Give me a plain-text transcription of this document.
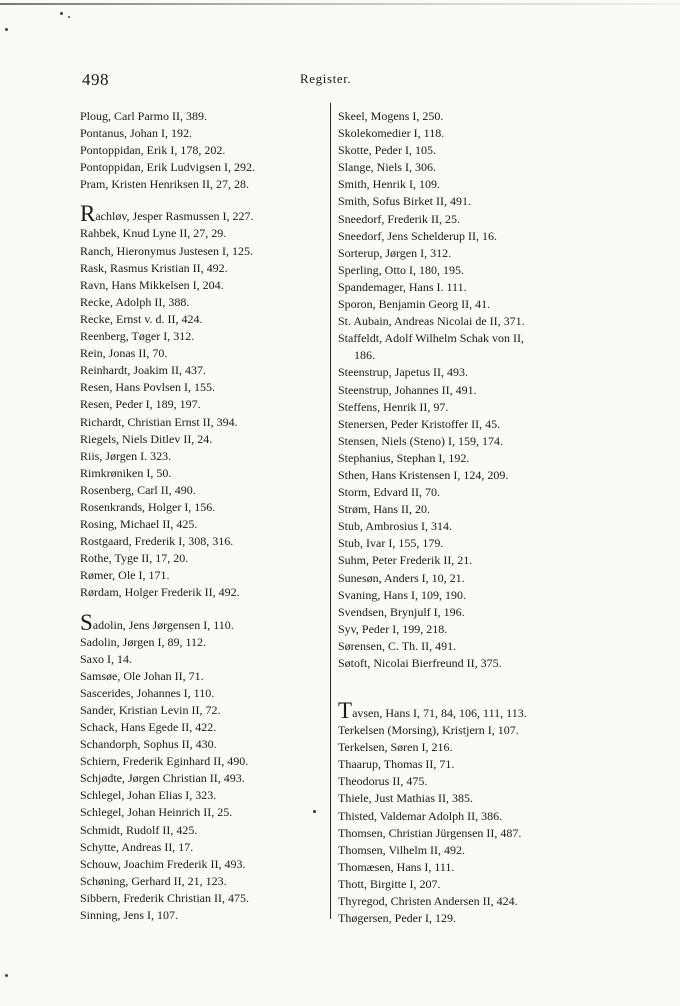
498	Register.
Ploug, Carl Parmo II, 389.
Pontanus, Johan I, 192.
Pontoppidan, Erik I, 178, 202.
Pontoppidan, Erik Ludvigsen I, 292.
Pram, Kristen Henriksen II, 27, 28.
Rachløv, Jesper Rasmussen I, 227.
Rahbek, Knud Lyne II, 27, 29.
Ranch, Hieronymus Justesen I, 125.
Rask, Rasmus Kristian II, 492.
Ravn, Hans Mikkelsen I, 204.
Recke, Adolph II, 388.
Recke, Ernst v. d. II, 424.
Reenberg, Tøger I, 312.
Rein, Jonas II, 70.
Reinhardt, Joakim II, 437.
Resen, Hans Povlsen I, 155.
Resen, Peder I, 189, 197.
Richardt, Christian Ernst II, 394.
Riegels, Niels Ditlev II, 24.
Riis, Jørgen I. 323.
Rimkrøniken I, 50.
Rosenberg, Carl II, 490.
Rosenkrands, Holger I, 156.
Rosing, Michael II, 425.
Rostgaard, Frederik I, 308, 316.
Rothe, Tyge II, 17, 20.
Rømer, Ole I, 171.
Rørdam, Holger Frederik II, 492.
Sadolin, Jens Jørgensen I, 110.
Sadolin, Jørgen I, 89, 112.
Saxo I, 14.
Samsøe, Ole Johan II, 71.
Sascerides, Johannes I, 110.
Sander, Kristian Levin II, 72.
Schack, Hans Egede II, 422.
Schandorph, Sophus II, 430.
Schiern, Frederik Eginhard II, 490.
Schjødte, Jørgen Christian II, 493.
Schlegel, Johan Elias I, 323.
Schlegel, Johan Heinrich II, 25.
Schmidt, Rudolf II, 425.
Schytte, Andreas II, 17.
Schouw, Joachim Frederik II, 493.
Schøning, Gerhard II, 21, 123.
Sibbern, Frederik Christian II, 475.
Sinning, Jens I, 107.
Skeel, Mogens I, 250.
Skolekomedier I, 118.
Skotte, Peder I, 105.
Slange, Niels I, 306.
Smith, Henrik I, 109.
Smith, Sofus Birket II, 491.
Sneedorf, Frederik II, 25.
Sneedorf, Jens Schelderup II, 16.
Sorterup, Jørgen I, 312.
Sperling, Otto I, 180, 195.
Spandemager, Hans I. 111.
Sporon, Benjamin Georg II, 41.
St. Aubain, Andreas Nicolai de II, 371.
Staffeldt, Adolf Wilhelm Schak von II,
186.
Steenstrup, Japetus II, 493.
Steenstrup, Johannes II, 491.
Steffens, Henrik II, 97.
Stenersen, Peder Kristoffer II, 45.
Stensen, Niels (Steno) I, 159, 174.
Stephanius, Stephan I, 192.
Sthen, Hans Kristensen I, 124, 209.
Storm, Edvard II, 70.
Strøm, Hans II, 20.
Stub, Ambrosius I, 314.
Stub, Ivar I, 155, 179.
Suhm, Peter Frederik II, 21.
Sunesøn, Anders I, 10, 21.
Svaning, Hans I, 109, 190.
Svendsen, Brynjulf I, 196.
Syv, Peder I, 199, 218.
Sørensen, C. Th. II, 491.
Søtoft, Nicolai Bierfreund II, 375.
Tavsen, Hans I, 71, 84, 106, 111, 113.
Terkelsen (Morsing), Kristjern I, 107.
Terkelsen, Søren I, 216.
Thaarup, Thomas II, 71.
Theodorus II, 475.
Thiele, Just Mathias II, 385.
Thisted, Valdemar Adolph II, 386.
Thomsen, Christian Jürgensen II, 487.
Thomsen, Vilhelm II, 492.
Thomæsen, Hans I, 111.
Thott, Birgitte I, 207.
Thyregod, Christen Andersen II, 424.
Thøgersen, Peder I, 129.
